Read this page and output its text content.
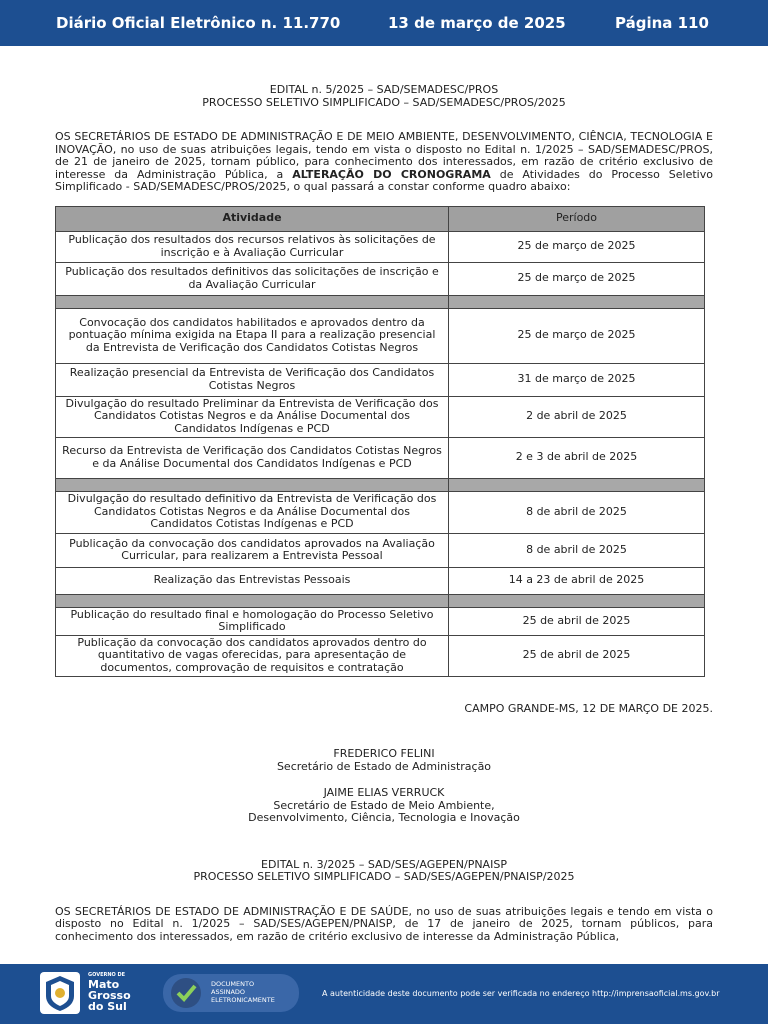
Diário Oficial Eletrônico n. 11.770	13 de março de 2025	Página 110
EDITAL n. 5/2025 – SAD/SEMADESC/PROS
PROCESSO SELETIVO SIMPLIFICADO – SAD/SEMADESC/PROS/2025

OS SECRETÁRIOS DE ESTADO DE ADMINISTRAÇÃO E DE MEIO AMBIENTE, DESENVOLVIMENTO, CIÊNCIA, TECNOLOGIA E INOVAÇÃO, no uso de suas atribuições legais, tendo em vista o disposto no Edital n. 1/2025 – SAD/SEMADESC/PROS, de 21 de janeiro de 2025, tornam público, para conhecimento dos interessados, em razão de critério exclusivo de interesse da Administração Pública, a ALTERAÇÃO DO CRONOGRAMA de Atividades do Processo Seletivo Simplificado - SAD/SEMADESC/PROS/2025, o qual passará a constar conforme quadro abaixo:

Atividade	Período
Publicação dos resultados dos recursos relativos às solicitações de inscrição e à Avaliação Curricular	25 de março de 2025
Publicação dos resultados definitivos das solicitações de inscrição e da Avaliação Curricular	25 de março de 2025

Convocação dos candidatos habilitados e aprovados dentro da pontuação mínima exigida na Etapa II para a realização presencial da Entrevista de Verificação dos Candidatos Cotistas Negros	25 de março de 2025
Realização presencial da Entrevista de Verificação dos Candidatos Cotistas Negros	31 de março de 2025
Divulgação do resultado Preliminar da Entrevista de Verificação dos Candidatos Cotistas Negros e da Análise Documental dos Candidatos Indígenas e PCD	2 de abril de 2025
Recurso da Entrevista de Verificação dos Candidatos Cotistas Negros e da Análise Documental dos Candidatos Indígenas e PCD	2 e 3 de abril de 2025

Divulgação do resultado definitivo da Entrevista de Verificação dos Candidatos Cotistas Negros e da Análise Documental dos Candidatos Cotistas Indígenas e PCD	8 de abril de 2025
Publicação da convocação dos candidatos aprovados na Avaliação Curricular, para realizarem a Entrevista Pessoal	8 de abril de 2025
Realização das Entrevistas Pessoais	14 a 23 de abril de 2025

Publicação do resultado final e homologação do Processo Seletivo Simplificado	25 de abril de 2025
Publicação da convocação dos candidatos aprovados dentro do quantitativo de vagas oferecidas, para apresentação de documentos, comprovação de requisitos e contratação	25 de abril de 2025
CAMPO GRANDE-MS, 12 DE MARÇO DE 2025.
FREDERICO FELINI
Secretário de Estado de Administração
JAIME ELIAS VERRUCK
Secretário de Estado de Meio Ambiente,
Desenvolvimento, Ciência, Tecnologia e Inovação
EDITAL n. 3/2025 – SAD/SES/AGEPEN/PNAISP
PROCESSO SELETIVO SIMPLIFICADO – SAD/SES/AGEPEN/PNAISP/2025

OS SECRETÁRIOS DE ESTADO DE ADMINISTRAÇÃO E DE SAÚDE, no uso de suas atribuições legais e tendo em vista o disposto no Edital n. 1/2025 – SAD/SES/AGEPEN/PNAISP, de 17 de janeiro de 2025, tornam públicos, para conhecimento dos interessados, em razão de critério exclusivo de interesse da Administração Pública,

GOVERNO DE
Mato
Grosso
do Sul
DOCUMENTO
ASSINADO
ELETRONICAMENTE
A autenticidade deste documento pode ser verificada no endereço http://imprensaoficial.ms.gov.br
